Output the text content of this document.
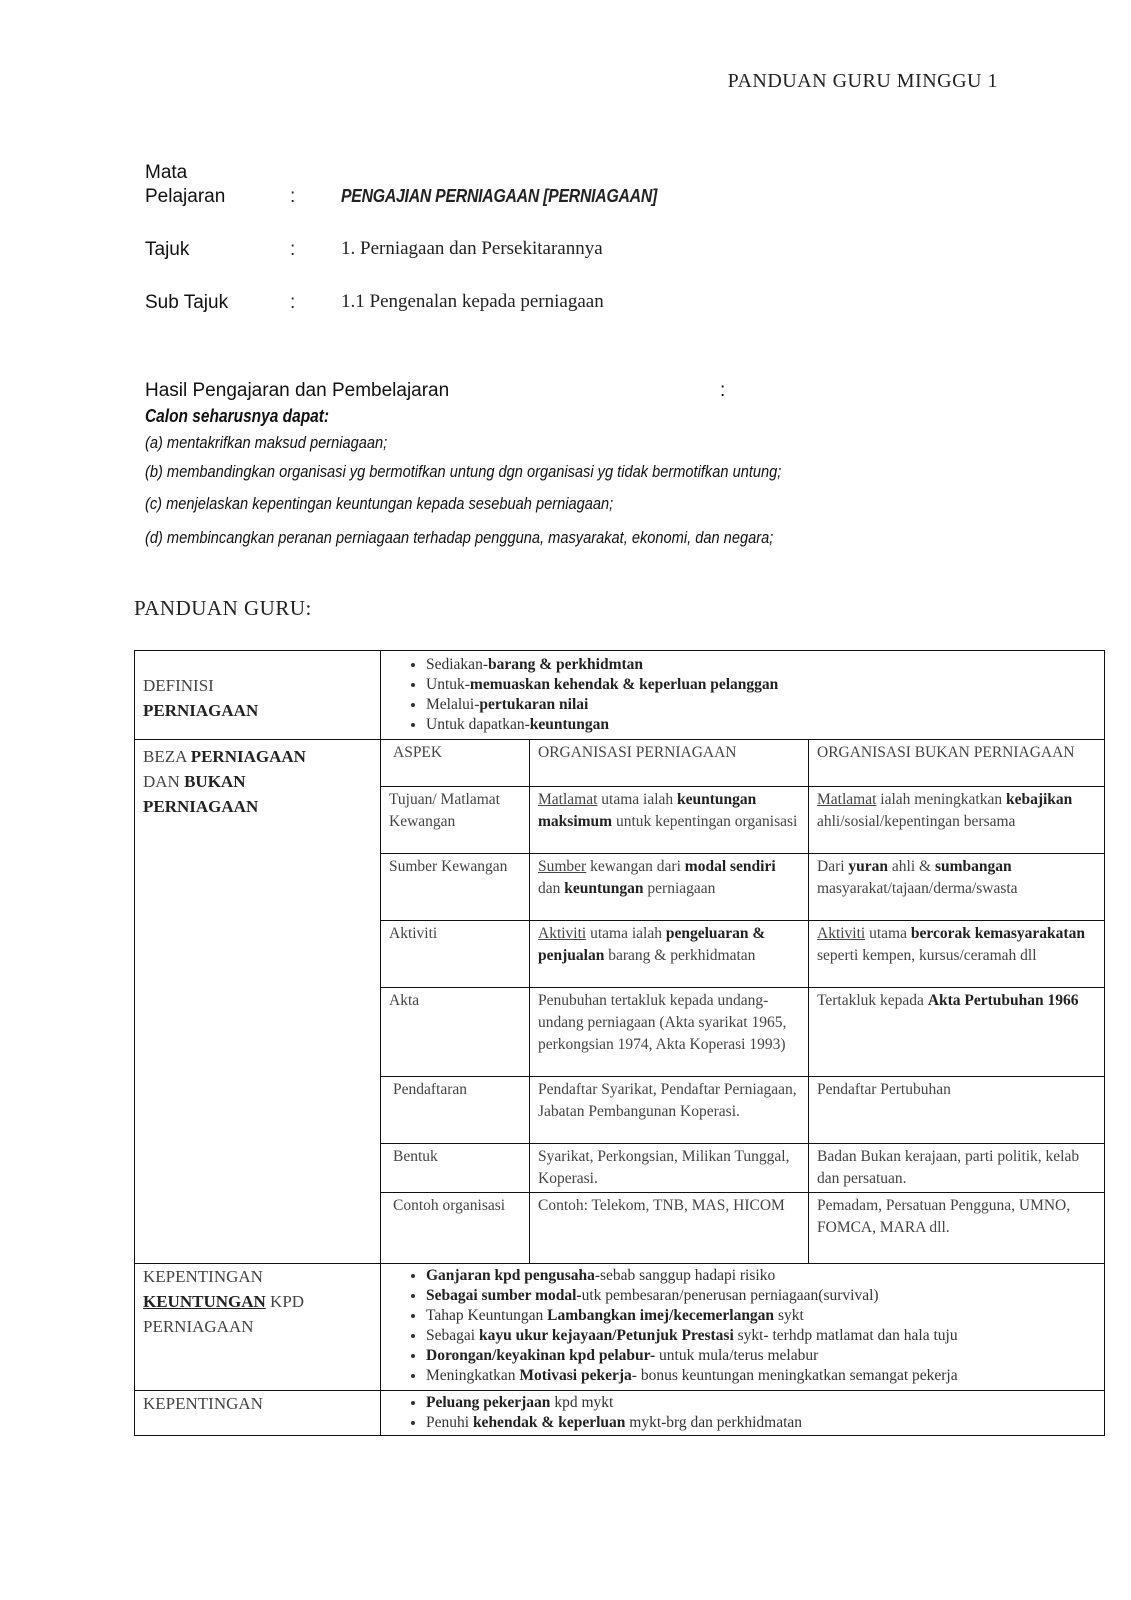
PANDUAN GURU MINGGU 1
Mata
Pelajaran	:	PENGAJIAN PERNIAGAAN [PERNIAGAAN]
Tajuk	: 1. Perniagaan dan Persekitarannya
Sub Tajuk	: 1.1 Pengenalan kepada perniagaan
Hasil Pengajaran dan Pembelajaran	:
Calon seharusnya dapat:
(a) mentakrifkan maksud perniagaan;
(b) membandingkan organisasi yg bermotifkan untung dgn organisasi yg tidak bermotifkan untung;
(c) menjelaskan kepentingan keuntungan kepada sesebuah perniagaan;
(d) membincangkan peranan perniagaan terhadap pengguna, masyarakat, ekonomi, dan negara;
PANDUAN GURU:
DEFINISI
PERNIAGAAN	
• Sediakan-barang & perkhidmtan
• Untuk-memuaskan kehendak & keperluan pelanggan
• Melalui-pertukaran nilai
• Untuk dapatkan-keuntungan

BEZA PERNIAGAAN
DAN BUKAN
PERNIAGAAN	
ASPEK	ORGANISASI PERNIAGAAN	ORGANISASI BUKAN PERNIAGAAN
Tujuan/ Matlamat Kewangan	Matlamat utama ialah keuntungan maksimum untuk kepentingan organisasi	Matlamat ialah meningkatkan kebajikan ahli/sosial/kepentingan bersama
Sumber Kewangan	Sumber kewangan dari modal sendiri dan keuntungan perniagaan	Dari yuran ahli & sumbangan masyarakat/tajaan/derma/swasta
Aktiviti	Aktiviti utama ialah pengeluaran & penjualan barang & perkhidmatan	Aktiviti utama bercorak kemasyarakatan seperti kempen, kursus/ceramah dll
Akta	Penubuhan tertakluk kepada undang-undang perniagaan (Akta syarikat 1965, perkongsian 1974, Akta Koperasi 1993)	Tertakluk kepada Akta Pertubuhan 1966
Pendaftaran	Pendaftar Syarikat, Pendaftar Perniagaan, Jabatan Pembangunan Koperasi.	Pendaftar Pertubuhan
Bentuk	Syarikat, Perkongsian, Milikan Tunggal, Koperasi.	Badan Bukan kerajaan, parti politik, kelab dan persatuan.
Contoh organisasi	Contoh: Telekom, TNB, MAS, HICOM	Pemadam, Persatuan Pengguna, UMNO, FOMCA, MARA dll.

KEPENTINGAN
KEUNTUNGAN KPD
PERNIAGAAN	
• Ganjaran kpd pengusaha-sebab sanggup hadapi risiko
• Sebagai sumber modal-utk pembesaran/penerusan perniagaan(survival)
• Tahap Keuntungan Lambangkan imej/kecemerlangan sykt
• Sebagai kayu ukur kejayaan/Petunjuk Prestasi sykt- terhdp matlamat dan hala tuju
• Dorongan/keyakinan kpd pelabur- untuk mula/terus melabur
• Meningkatkan Motivasi pekerja- bonus keuntungan meningkatkan semangat pekerja

KEPENTINGAN	
•Peluang pekerjaan kpd mykt
• Penuhi kehendak & keperluan mykt-brg dan perkhidmatan
